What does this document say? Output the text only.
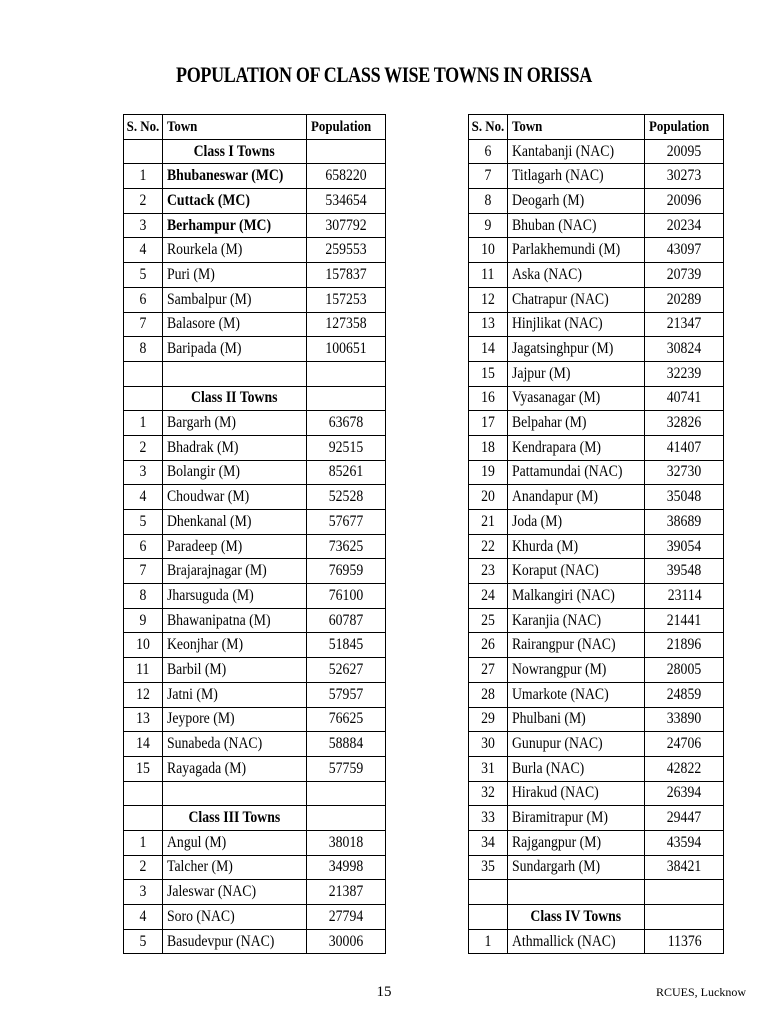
POPULATION OF CLASS WISE TOWNS IN ORISSA
S. No.	Town	Population
	Class I Towns	
1	Bhubaneswar (MC)	658220
2	Cuttack (MC)	534654
3	Berhampur (MC)	307792
4	Rourkela (M)	259553
5	Puri (M)	157837
6	Sambalpur (M)	157253
7	Balasore (M)	127358
8	Baripada (M)	100651

	Class II Towns	
1	Bargarh (M)	63678
2	Bhadrak (M)	92515
3	Bolangir (M)	85261
4	Choudwar (M)	52528
5	Dhenkanal (M)	57677
6	Paradeep (M)	73625
7	Brajarajnagar (M)	76959
8	Jharsuguda (M)	76100
9	Bhawanipatna (M)	60787
10	Keonjhar (M)	51845
11	Barbil (M)	52627
12	Jatni (M)	57957
13	Jeypore (M)	76625
14	Sunabeda (NAC)	58884
15	Rayagada (M)	57759

	Class III Towns	
1	Angul (M)	38018
2	Talcher (M)	34998
3	Jaleswar (NAC)	21387
4	Soro (NAC)	27794
5	Basudevpur (NAC)	30006
S. No.	Town	Population
6	Kantabanji (NAC)	20095
7	Titlagarh (NAC)	30273
8	Deogarh (M)	20096
9	Bhuban (NAC)	20234
10	Parlakhemundi (M)	43097
11	Aska (NAC)	20739
12	Chatrapur (NAC)	20289
13	Hinjlikat (NAC)	21347
14	Jagatsinghpur (M)	30824
15	Jajpur (M)	32239
16	Vyasanagar (M)	40741
17	Belpahar (M)	32826
18	Kendrapara (M)	41407
19	Pattamundai (NAC)	32730
20	Anandapur (M)	35048
21	Joda (M)	38689
22	Khurda (M)	39054
23	Koraput (NAC)	39548
24	Malkangiri (NAC)	23114
25	Karanjia (NAC)	21441
26	Rairangpur (NAC)	21896
27	Nowrangpur (M)	28005
28	Umarkote (NAC)	24859
29	Phulbani (M)	33890
30	Gunupur (NAC)	24706
31	Burla (NAC)	42822
32	Hirakud (NAC)	26394
33	Biramitrapur (M)	29447
34	Rajgangpur (M)	43594
35	Sundargarh (M)	38421

	Class IV Towns	
1	Athmallick (NAC)	11376
15	RCUES, Lucknow
